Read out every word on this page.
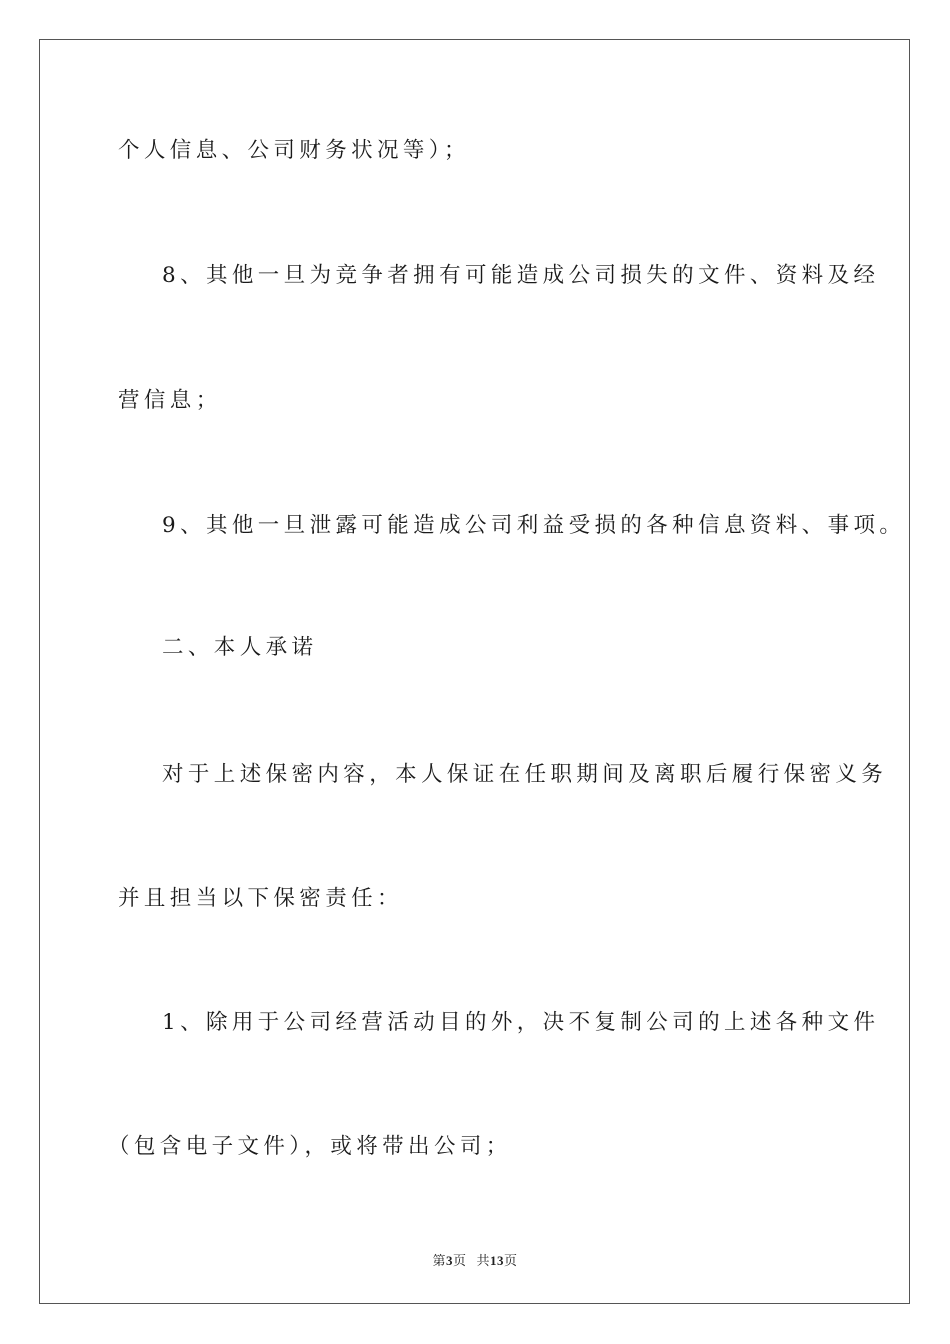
个人信息、公司财务状况等）；
8、其他一旦为竞争者拥有可能造成公司损失的文件、资料及经
营信息；
9、其他一旦泄露可能造成公司利益受损的各种信息资料、事项。
二、本人承诺
对于上述保密内容，本人保证在任职期间及离职后履行保密义务
并且担当以下保密责任：
1、除用于公司经营活动目的外，决不复制公司的上述各种文件
（包含电子文件），或将带出公司；
第3页 共13页
